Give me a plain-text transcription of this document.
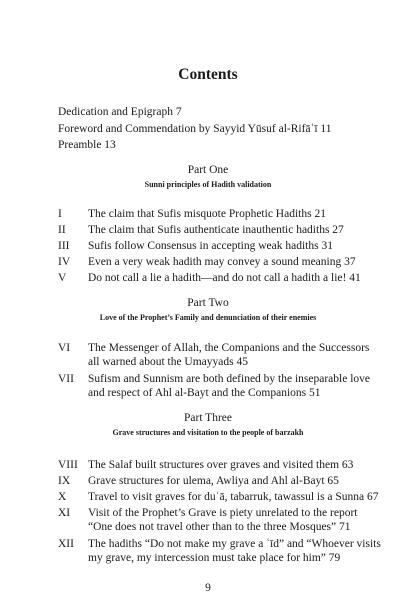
Contents
Dedication and Epigraph 7
Foreword and Commendation by Sayyid Yūsuf al-Rifāʿī 11
Preamble 13
Part One
Sunni principles of Hadith validation
I The claim that Sufis misquote Prophetic Hadiths 21
II The claim that Sufis authenticate inauthentic hadiths 27
III Sufis follow Consensus in accepting weak hadiths 31
IV Even a very weak hadith may convey a sound meaning 37
V Do not call a lie a hadith—and do not call a hadith a lie! 41
Part Two
Love of the Prophet’s Family and denunciation of their enemies
VI The Messenger of Allah, the Companions and the Successors
all warned about the Umayyads 45
VII Sufism and Sunnism are both defined by the inseparable love
and respect of Ahl al-Bayt and the Companions 51
Part Three
Grave structures and visitation to the people of barzakh
VIII The Salaf built structures over graves and visited them 63
IX Grave structures for ulema, Awliya and Ahl al-Bayt 65
X Travel to visit graves for duʿā, tabarruk, tawassul is a Sunna 67
XI Visit of the Prophet’s Grave is piety unrelated to the report
“One does not travel other than to the three Mosques” 71
XII The hadiths “Do not make my grave a ʿīd” and “Whoever visits
my grave, my intercession must take place for him” 79
9
